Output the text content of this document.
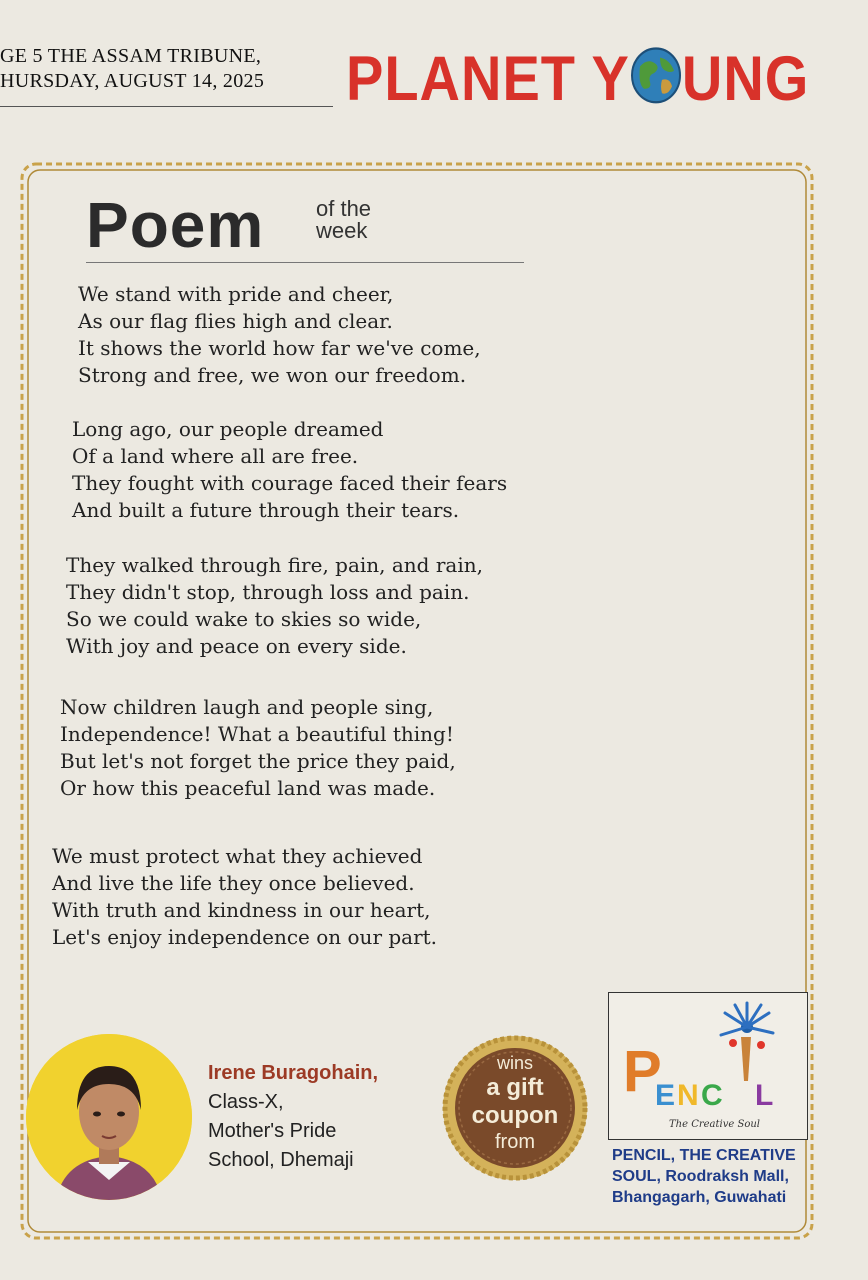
GE 5 THE ASSAM TRIBUNE,
HURSDAY, AUGUST 14, 2025 PLANET Y UNG
Poem of the
week
We stand with pride and cheer,
As our flag flies high and clear.
It shows the world how far we've come,
Strong and free, we won our freedom.
Long ago, our people dreamed
Of a land where all are free.
They fought with courage faced their fears
And built a future through their tears.
They walked through fire, pain, and rain,
They didn't stop, through loss and pain.
So we could wake to skies so wide,
With joy and peace on every side.
Now children laugh and people sing,
Independence! What a beautiful thing!
But let's not forget the price they paid,
Or how this peaceful land was made.
We must protect what they achieved
And live the life they once believed.
With truth and kindness in our heart,
Let's enjoy independence on our part.
Irene Buragohain,
Class-X,
Mother's Pride
School, Dhemaji
wins
a gift
coupon
from
P
E N C L
The Creative Soul
PENCIL, THE CREATIVE
SOUL, Roodraksh Mall,
Bhangagarh, Guwahati
